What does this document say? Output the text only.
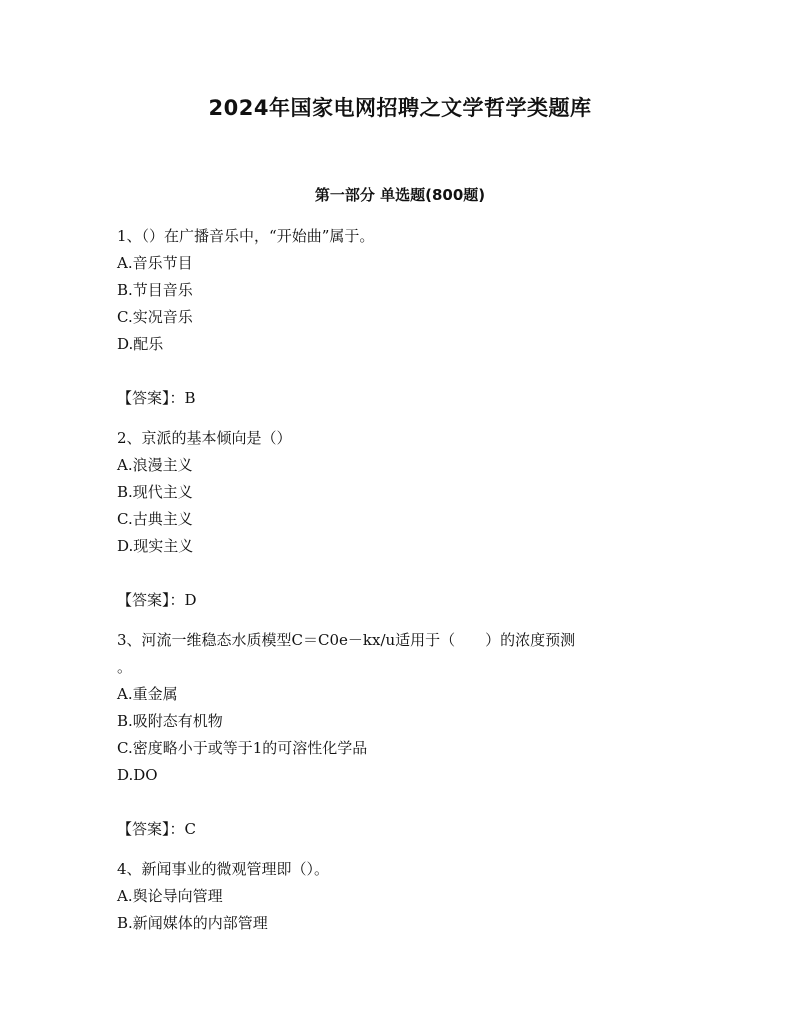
2024年国家电网招聘之文学哲学类题库
第一部分 单选题(800题)
1、（）在广播音乐中，“开始曲”属于。
A.音乐节目
B.节目音乐
C.实况音乐
D.配乐
【答案】：B
2、京派的基本倾向是（）
A.浪漫主义
B.现代主义
C.古典主义
D.现实主义
【答案】：D
3、河流一维稳态水质模型C＝C0e－kx/u适用于（　　）的浓度预测
。
A.重金属
B.吸附态有机物
C.密度略小于或等于1的可溶性化学品
D.DO
【答案】：C
4、新闻事业的微观管理即（）。
A.舆论导向管理
B.新闻媒体的内部管理
